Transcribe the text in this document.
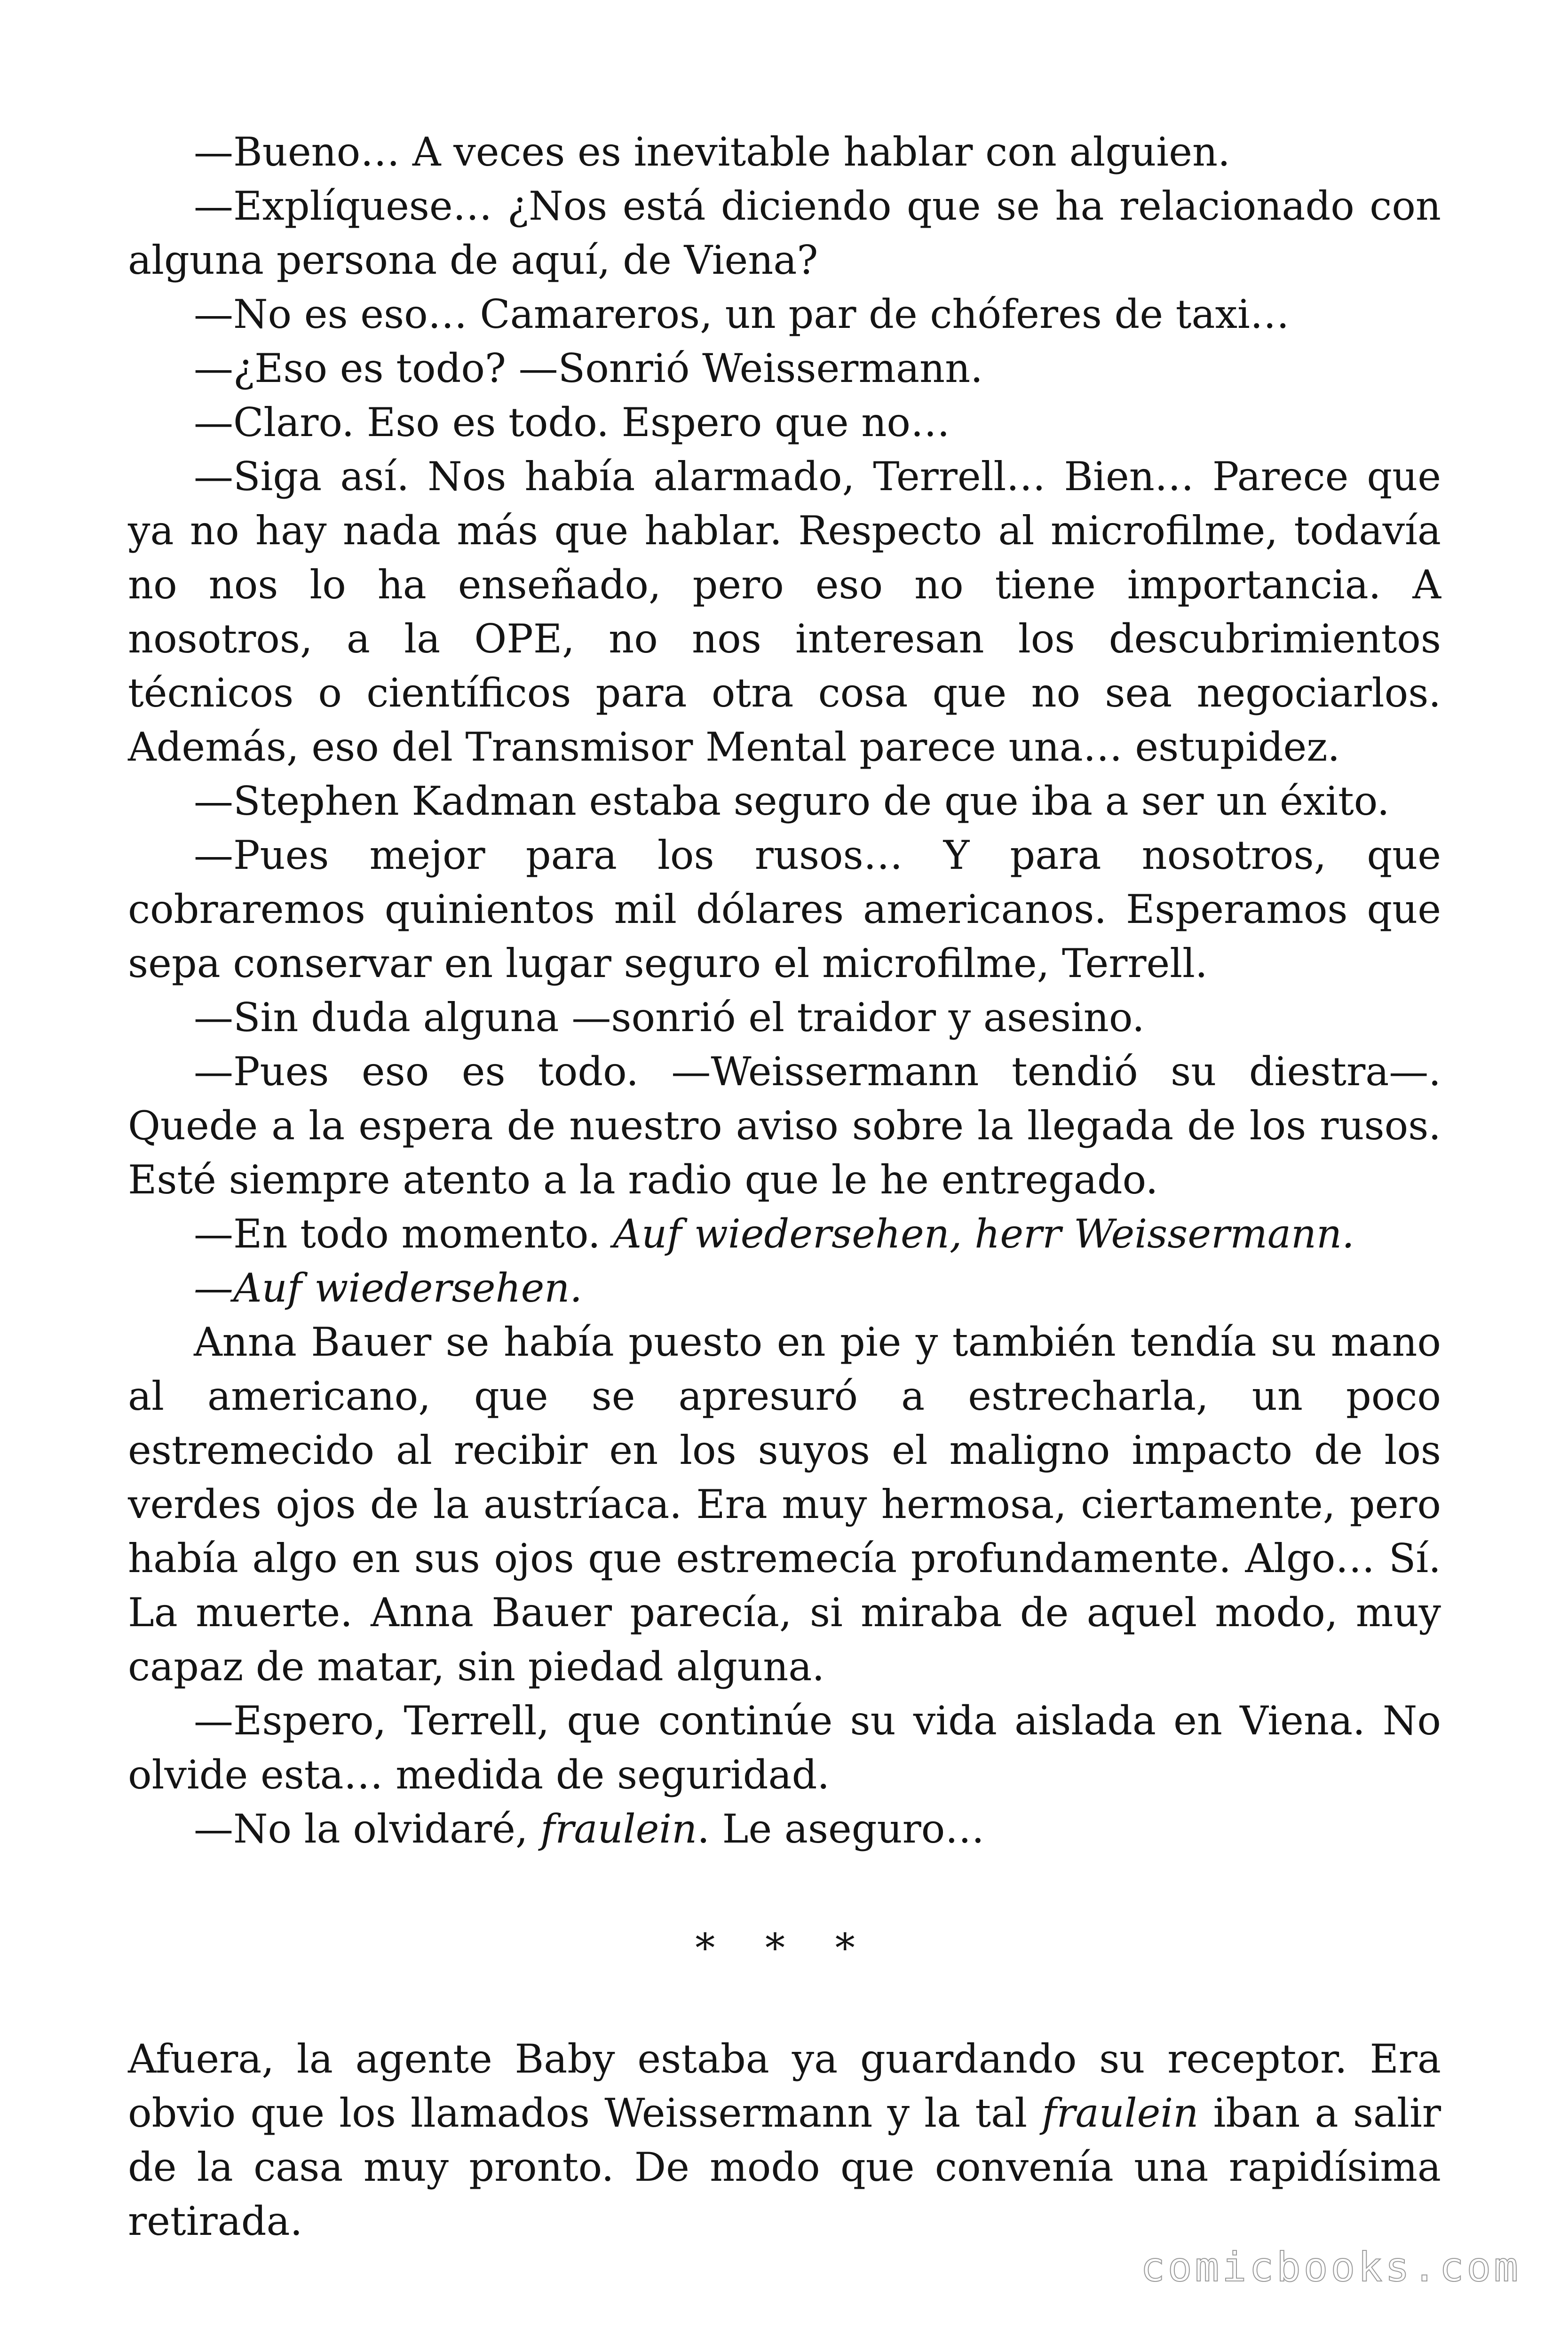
—Bueno… A veces es inevitable hablar con alguien.

—Explíquese… ¿Nos está diciendo que se ha relacionado con alguna persona de aquí, de Viena?

—No es eso… Camareros, un par de chóferes de taxi…

—¿Eso es todo? —Sonrió Weissermann.

—Claro. Eso es todo. Espero que no…

—Siga así. Nos había alarmado, Terrell… Bien… Parece que ya no hay nada más que hablar. Respecto al microfilme, todavía no nos lo ha enseñado, pero eso no tiene importancia. A nosotros, a la OPE, no nos interesan los descubrimientos técnicos o científicos para otra cosa que no sea negociarlos. Además, eso del Transmisor Mental parece una… estupidez.

—Stephen Kadman estaba seguro de que iba a ser un éxito.

—Pues mejor para los rusos… Y para nosotros, que cobraremos quinientos mil dólares americanos. Esperamos que sepa conservar en lugar seguro el microfilme, Terrell.

—Sin duda alguna —sonrió el traidor y asesino.

—Pues eso es todo. —Weissermann tendió su diestra—. Quede a la espera de nuestro aviso sobre la llegada de los rusos. Esté siempre atento a la radio que le he entregado.

—En todo momento. Auf wiedersehen, herr Weissermann.

—Auf wiedersehen.

Anna Bauer se había puesto en pie y también tendía su mano al americano, que se apresuró a estrecharla, un poco estremecido al recibir en los suyos el maligno impacto de los verdes ojos de la austríaca. Era muy hermosa, ciertamente, pero había algo en sus ojos que estremecía profundamente. Algo… Sí. La muerte. Anna Bauer parecía, si miraba de aquel modo, muy capaz de matar, sin piedad alguna.

—Espero, Terrell, que continúe su vida aislada en Viena. No olvide esta… medida de seguridad.

—No la olvidaré, fraulein. Le aseguro…

* * *

Afuera, la agente Baby estaba ya guardando su receptor. Era obvio que los llamados Weissermann y la tal fraulein iban a salir de la casa muy pronto. De modo que convenía una rapidísima retirada.

comicbooks.com
